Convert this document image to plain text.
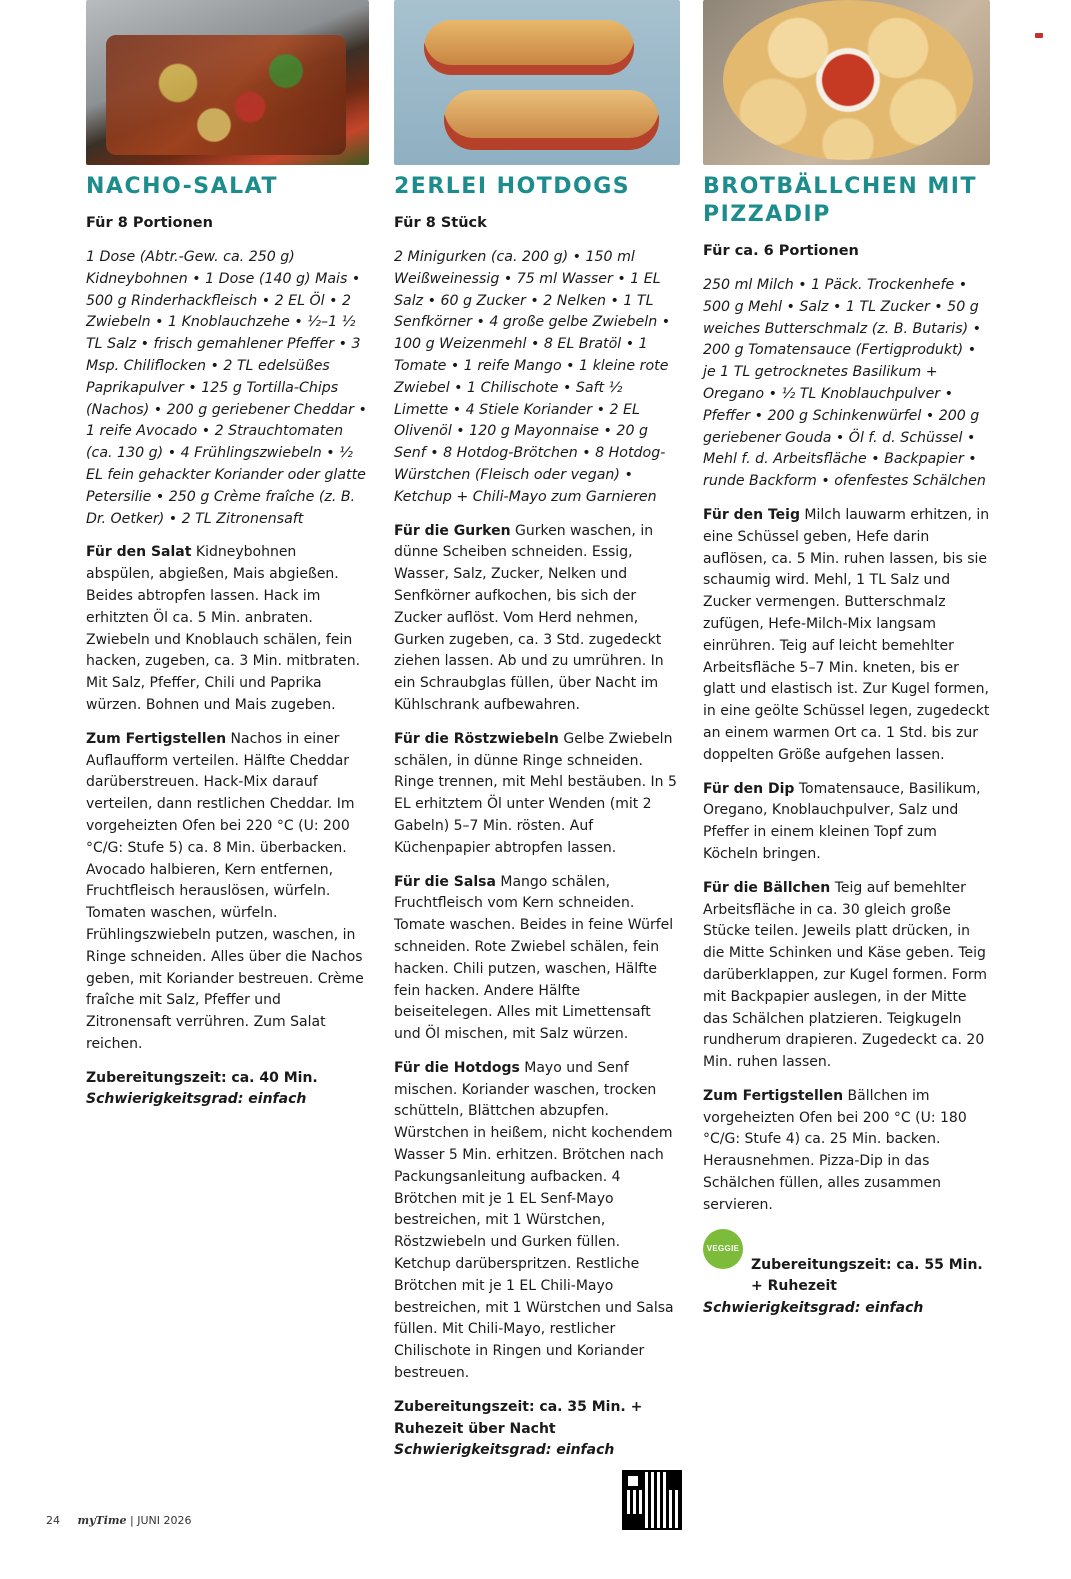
NACHO-SALAT
Für 8 Portionen

1 Dose (Abtr.-Gew. ca. 250 g) Kidneybohnen • 1 Dose (140 g) Mais • 500 g Rinderhackfleisch • 2 EL Öl • 2 Zwiebeln • 1 Knoblauchzehe • ½–1 ½ TL Salz • frisch gemahlener Pfeffer • 3 Msp. Chiliflocken • 2 TL edelsüßes Paprikapulver • 125 g Tortilla-Chips (Nachos) • 200 g geriebener Cheddar • 1 reife Avocado • 2 Strauchtomaten (ca. 130 g) • 4 Frühlingszwiebeln • ½ EL fein gehackter Koriander oder glatte Petersilie • 250 g Crème fraîche (z. B. Dr. Oetker) • 2 TL Zitronensaft

Für den Salat Kidneybohnen abspülen, abgießen, Mais abgießen. Beides abtropfen lassen. Hack im erhitzten Öl ca. 5 Min. anbraten. Zwiebeln und Knoblauch schälen, fein hacken, zugeben, ca. 3 Min. mitbraten. Mit Salz, Pfeffer, Chili und Paprika würzen. Bohnen und Mais zugeben.

Zum Fertigstellen Nachos in einer Auflaufform verteilen. Hälfte Cheddar darüberstreuen. Hack-Mix darauf verteilen, dann restlichen Cheddar. Im vorgeheizten Ofen bei 220 °C (U: 200 °C/G: Stufe 5) ca. 8 Min. überbacken. Avocado halbieren, Kern entfernen, Fruchtfleisch herauslösen, würfeln. Tomaten waschen, würfeln. Frühlingszwiebeln putzen, waschen, in Ringe schneiden. Alles über die Nachos geben, mit Koriander bestreuen. Crème fraîche mit Salz, Pfeffer und Zitronensaft verrühren. Zum Salat reichen.

Zubereitungszeit: ca. 40 Min.
Schwierigkeitsgrad: einfach
2ERLEI HOTDOGS
Für 8 Stück

2 Minigurken (ca. 200 g) • 150 ml Weißweinessig • 75 ml Wasser • 1 EL Salz • 60 g Zucker • 2 Nelken • 1 TL Senfkörner • 4 große gelbe Zwiebeln • 100 g Weizenmehl • 8 EL Bratöl • 1 Tomate • 1 reife Mango • 1 kleine rote Zwiebel • 1 Chilischote • Saft ½ Limette • 4 Stiele Koriander • 2 EL Olivenöl • 120 g Mayonnaise • 20 g Senf • 8 Hotdog-Brötchen • 8 Hotdog-Würstchen (Fleisch oder vegan) • Ketchup + Chili-Mayo zum Garnieren

Für die Gurken Gurken waschen, in dünne Scheiben schneiden. Essig, Wasser, Salz, Zucker, Nelken und Senfkörner aufkochen, bis sich der Zucker auflöst. Vom Herd nehmen, Gurken zugeben, ca. 3 Std. zugedeckt ziehen lassen. Ab und zu umrühren. In ein Schraubglas füllen, über Nacht im Kühlschrank aufbewahren.

Für die Röstzwiebeln Gelbe Zwiebeln schälen, in dünne Ringe schneiden. Ringe trennen, mit Mehl bestäuben. In 5 EL erhitztem Öl unter Wenden (mit 2 Gabeln) 5–7 Min. rösten. Auf Küchenpapier abtropfen lassen.

Für die Salsa Mango schälen, Fruchtfleisch vom Kern schneiden. Tomate waschen. Beides in feine Würfel schneiden. Rote Zwiebel schälen, fein hacken. Chili putzen, waschen, Hälfte fein hacken. Andere Hälfte beiseitelegen. Alles mit Limettensaft und Öl mischen, mit Salz würzen.

Für die Hotdogs Mayo und Senf mischen. Koriander waschen, trocken schütteln, Blättchen abzupfen. Würstchen in heißem, nicht kochendem Wasser 5 Min. erhitzen. Brötchen nach Packungsanleitung aufbacken. 4 Brötchen mit je 1 EL Senf-Mayo bestreichen, mit 1 Würstchen, Röstzwiebeln und Gurken füllen. Ketchup darüberspritzen. Restliche Brötchen mit je 1 EL Chili-Mayo bestreichen, mit 1 Würstchen und Salsa füllen. Mit Chili-Mayo, restlicher Chilischote in Ringen und Koriander bestreuen.

Zubereitungszeit: ca. 35 Min. + Ruhezeit über Nacht
Schwierigkeitsgrad: einfach
BROTBÄLLCHEN MIT PIZZADIP
Für ca. 6 Portionen

250 ml Milch • 1 Päck. Trockenhefe • 500 g Mehl • Salz • 1 TL Zucker • 50 g weiches Butterschmalz (z. B. Butaris) • 200 g Tomatensauce (Fertigprodukt) • je 1 TL getrocknetes Basilikum + Oregano • ½ TL Knoblauchpulver • Pfeffer • 200 g Schinkenwürfel • 200 g geriebener Gouda • Öl f. d. Schüssel • Mehl f. d. Arbeitsfläche • Backpapier • runde Backform • ofenfestes Schälchen

Für den Teig Milch lauwarm erhitzen, in eine Schüssel geben, Hefe darin auflösen, ca. 5 Min. ruhen lassen, bis sie schaumig wird. Mehl, 1 TL Salz und Zucker vermengen. Butterschmalz zufügen, Hefe-Milch-Mix langsam einrühren. Teig auf leicht bemehlter Arbeitsfläche 5–7 Min. kneten, bis er glatt und elastisch ist. Zur Kugel formen, in eine geölte Schüssel legen, zugedeckt an einem warmen Ort ca. 1 Std. bis zur doppelten Größe aufgehen lassen.

Für den Dip Tomatensauce, Basilikum, Oregano, Knoblauchpulver, Salz und Pfeffer in einem kleinen Topf zum Köcheln bringen.

Für die Bällchen Teig auf bemehlter Arbeitsfläche in ca. 30 gleich große Stücke teilen. Jeweils platt drücken, in die Mitte Schinken und Käse geben. Teig darüberklappen, zur Kugel formen. Form mit Backpapier auslegen, in der Mitte das Schälchen platzieren. Teigkugeln rundherum drapieren. Zugedeckt ca. 20 Min. ruhen lassen.

Zum Fertigstellen Bällchen im vorgeheizten Ofen bei 200 °C (U: 180 °C/G: Stufe 4) ca. 25 Min. backen. Herausnehmen. Pizza-Dip in das Schälchen füllen, alles zusammen servieren.

VEGGIE
Zubereitungszeit: ca. 55 Min. + Ruhezeit
Schwierigkeitsgrad: einfach
24 myTime | JUNI 2026
